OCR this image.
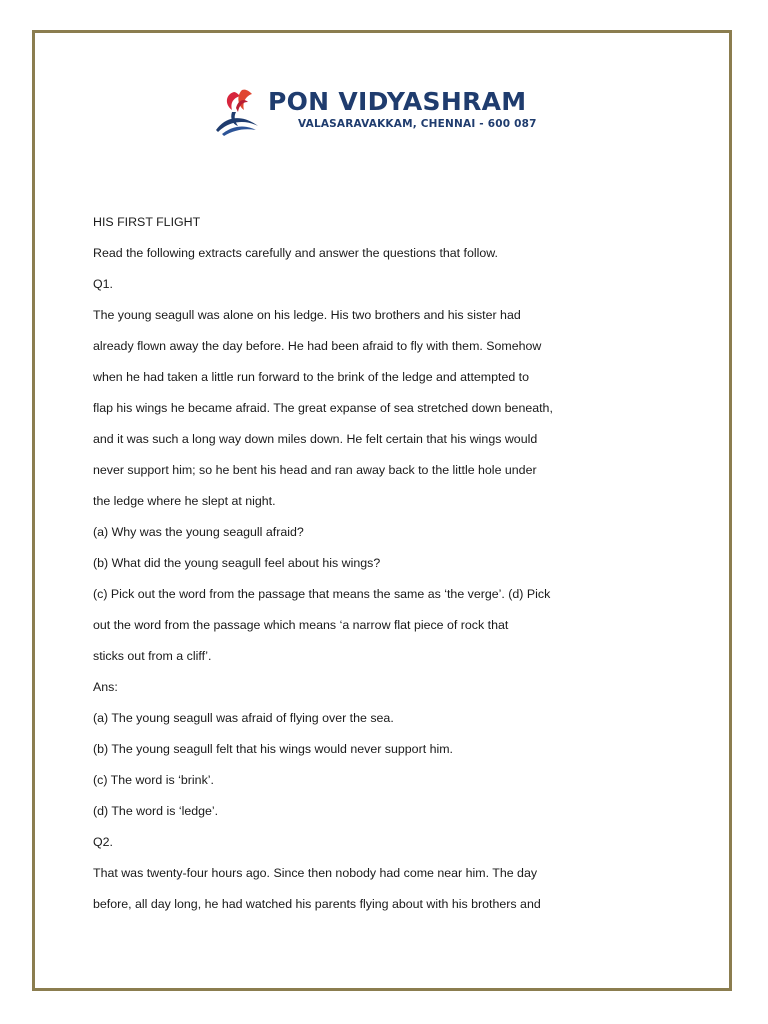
PON VIDYASHRAM
VALASARAVAKKAM, CHENNAI - 600 087
HIS FIRST FLIGHT
Read the following extracts carefully and answer the questions that follow.
Q1.
The young seagull was alone on his ledge. His two brothers and his sister had
already flown away the day before. He had been afraid to fly with them. Somehow
when he had taken a little run forward to the brink of the ledge and attempted to
flap his wings he became afraid. The great expanse of sea stretched down beneath,
and it was such a long way down miles down. He felt certain that his wings would
never support him; so he bent his head and ran away back to the little hole under
the ledge where he slept at night.
(a) Why was the young seagull afraid?
(b) What did the young seagull feel about his wings?
(c) Pick out the word from the passage that means the same as ‘the verge’. (d) Pick
out the word from the passage which means ‘a narrow flat piece of rock that
sticks out from a cliff’.
Ans:
(a) The young seagull was afraid of flying over the sea.
(b) The young seagull felt that his wings would never support him.
(c) The word is ‘brink’.
(d) The word is ‘ledge’.
Q2.
That was twenty-four hours ago. Since then nobody had come near him. The day
before, all day long, he had watched his parents flying about with his brothers and
